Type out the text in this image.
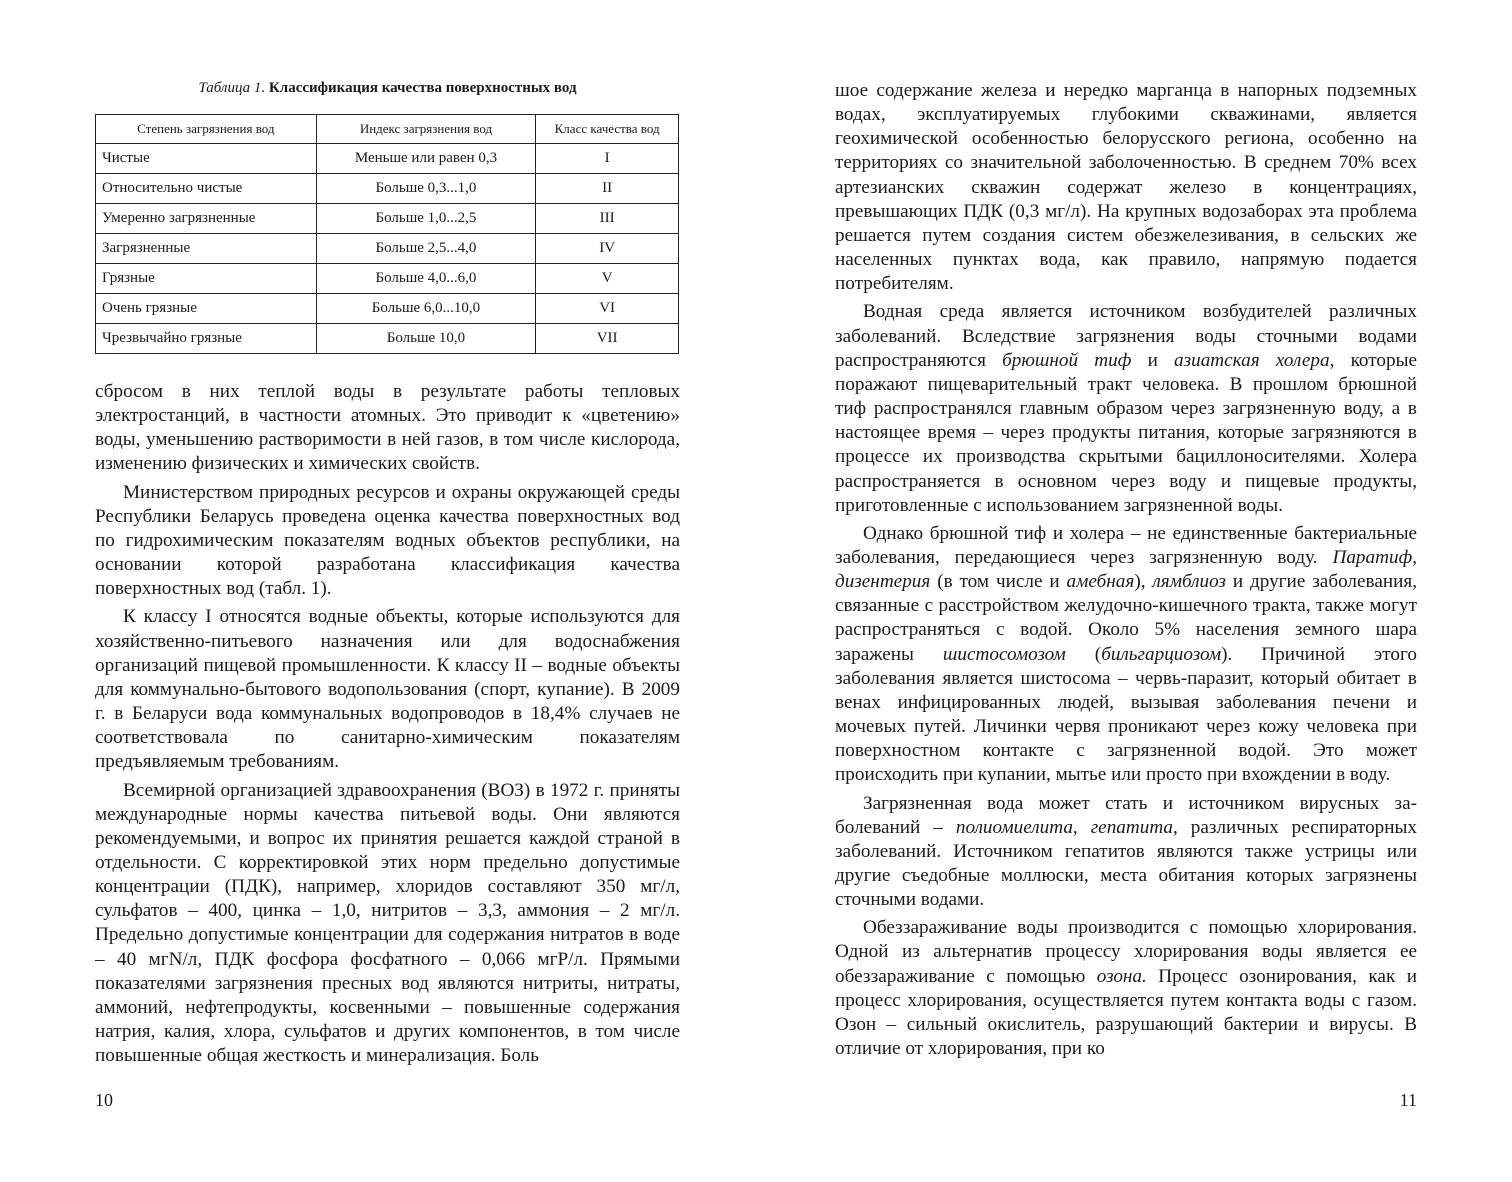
Таблица 1. Классификация качества поверхностных вод
Степень загрязнения вод	Индекс загрязнения вод	Класс качества вод
Чистые	Меньше или равен 0,3	I
Относительно чистые	Больше 0,3...1,0	II
Умеренно загрязненные	Больше 1,0...2,5	III
Загрязненные	Больше 2,5...4,0	IV
Грязные	Больше 4,0...6,0	V
Очень грязные	Больше 6,0...10,0	VI
Чрезвычайно грязные	Больше 10,0	VII

сбросом в них теплой воды в результате работы тепловых электростанций, в частности атомных. Это приводит к «цветению» воды, уменьшению растворимости в ней газов, в том числе кислорода, изменению физических и химических свойств.

Министерством природных ресурсов и охраны окружающей среды Республики Беларусь проведена оценка качества поверхностных вод по гидрохимическим показателям водных объектов республики, на основании которой разработана классификация качества поверхностных вод (табл. 1).

К классу I относятся водные объекты, которые используются для хозяйственно-питьевого назначения или для водоснабжения организаций пищевой промышленности. К классу II – водные объекты для коммунально-бытового водопользования (спорт, купание). В 2009 г. в Беларуси вода коммунальных водопроводов в 18,4% случаев не соответствовала по санитарно-химическим показателям предъявляемым требованиям.

Всемирной организацией здравоохранения (ВОЗ) в 1972 г. приняты международные нормы качества питьевой воды. Они являются рекомендуемыми, и вопрос их принятия решается каждой страной в отдельности. С корректировкой этих норм предельно допустимые концентрации (ПДК), например, хлоридов составляют 350 мг/л, сульфатов – 400, цинка – 1,0, нитритов – 3,3, аммония – 2 мг/л. Предельно допустимые концентрации для содержания нитратов в воде – 40 мгN/л, ПДК фосфора фосфатного – 0,066 мгР/л. Прямыми показателями загрязнения пресных вод являются нитриты, нитраты, аммоний, нефтепродукты, косвенными – повышенные содержания натрия, калия, хлора, сульфатов и других компонентов, в том числе повышенные общая жесткость и минерализация. Боль

10

шое содержание железа и нередко марганца в напорных подземных водах, эксплуатируемых глубокими скважинами, является геохимической особенностью белорусского региона, особенно на территориях со значительной заболоченностью. В среднем 70% всех артезианских скважин содержат железо в концентрациях, превышающих ПДК (0,3 мг/л). На крупных водозаборах эта проблема решается путем создания систем обезжелезивания, в сельских же населенных пунктах вода, как правило, напрямую подается потребителям.

Водная среда является источником возбудителей различных заболеваний. Вследствие загрязнения воды сточными водами распространяются брюшной тиф и азиатская холера, которые поражают пищеварительный тракт человека. В прошлом брюшной тиф распространялся главным образом через загрязненную воду, а в настоящее время – через продукты питания, которые загрязняются в процессе их производства скрытыми бациллоносителями. Холера распространяется в основном через воду и пищевые продукты, приготовленные с использованием загрязненной воды.

Однако брюшной тиф и холера – не единственные бактериальные заболевания, передающиеся через загрязненную воду. Паратиф, дизентерия (в том числе и амебная), лямблиоз и другие заболевания, связанные с расстройством желудочно-кишечного тракта, также могут распространяться с водой. Около 5% населения земного шара заражены шистосомозом (бильгарциозом). Причиной этого заболевания является шистосома – червь-паразит, который обитает в венах инфицированных людей, вызывая заболевания печени и мочевых путей. Личинки червя проникают через кожу человека при поверхностном контакте с загрязненной водой. Это может происходить при купании, мытье или просто при вхождении в воду.

Загрязненная вода может стать и источником вирусных заболеваний – полиомиелита, гепатита, различных респираторных заболеваний. Источником гепатитов являются также устрицы или другие съедобные моллюски, места обитания которых загрязнены сточными водами.

Обеззараживание воды производится с помощью хлорирования. Одной из альтернатив процессу хлорирования воды является ее обеззараживание с помощью озона. Процесс озонирования, как и процесс хлорирования, осуществляется путем контакта воды с газом. Озон – сильный окислитель, разрушающий бактерии и вирусы. В отличие от хлорирования, при ко

11
